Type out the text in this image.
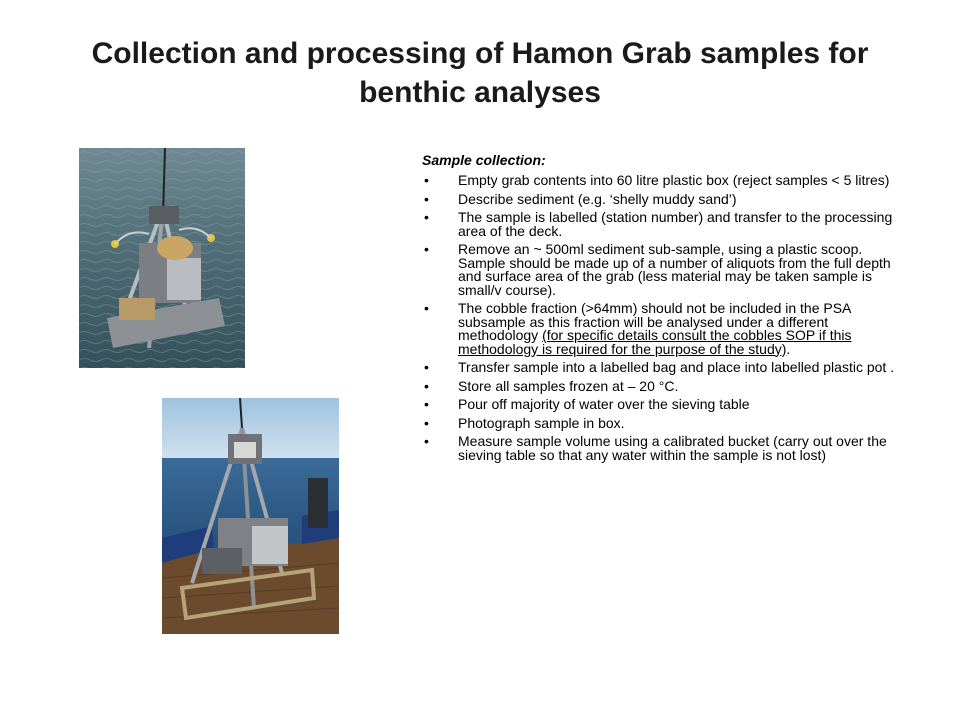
Collection and processing of Hamon Grab samples for
benthic analyses

Sample collection:

• Empty grab contents into 60 litre plastic box (reject samples < 5 litres)
• Describe sediment (e.g. ‘shelly muddy sand’)
• The sample is labelled (station number) and transfer to the processing area of the deck.
• Remove an ~ 500ml sediment sub-sample, using a plastic scoop. Sample should be made up of a number of aliquots from the full depth and surface area of the grab (less material may be taken sample is small/v course).
• The cobble fraction (>64mm) should not be included in the PSA subsample as this fraction will be analysed under a different methodology (for specific details consult the cobbles SOP if this methodology is required for the purpose of the study).
• Transfer sample into a labelled bag and place into labelled plastic pot .
• Store all samples frozen at – 20 °C.
• Pour off majority of water over the sieving table
• Photograph sample in box.
• Measure sample volume using a calibrated bucket (carry out over the sieving table so that any water within the sample is not lost)
